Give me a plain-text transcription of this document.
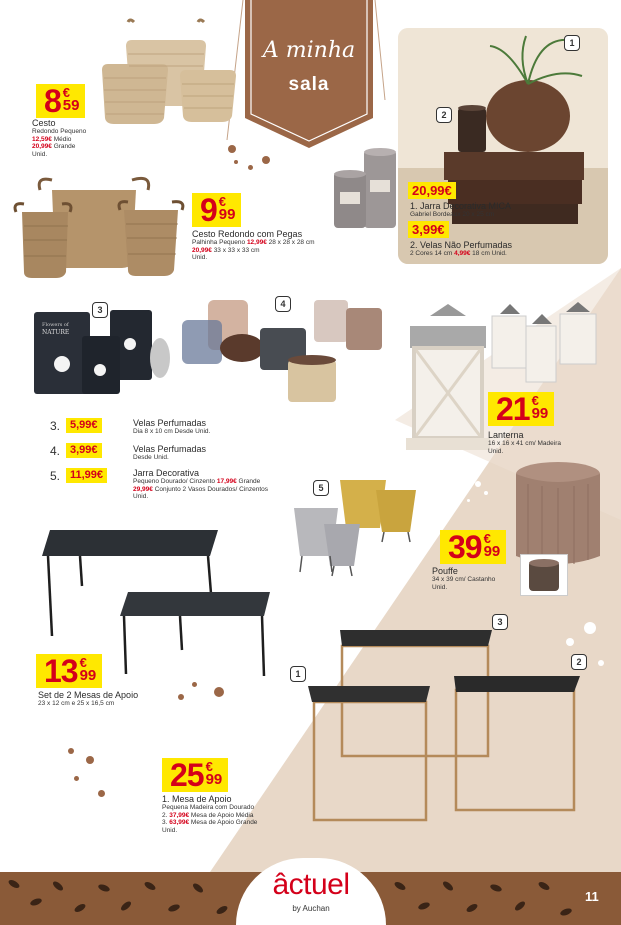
A minha
sala
8 €
59
Cesto
Redondo Pequeno
12,59€ Médio
20,99€ Grande
Unid.
9 €
99
Cesto Redondo com Pegas
Palhinha Pequeno 12,99€ 28 x 28 x 28 cm
20,99€ 33 x 33 x 33 cm
Unid.
1
2
20,99€
1. Jarra Decorativa MICA
Gabriel Bordeaux 20 x 25 cm
3,99€
2. Velas Não Perfumadas
2 Cores 14 cm 4,99€ 18 cm Unid.
3
Flowers of
NATURE
4
3. 5,99€	Velas Perfumadas
Dia 8 x 10 cm Desde Unid.
4. 3,99€	Velas Perfumadas
Desde Unid.
5. 11,99€	Jarra Decorativa
Pequeno Dourado/ Cinzento 17,99€ Grande
29,99€ Conjunto 2 Vasos Dourados/ Cinzentos
Unid.
5
21 €
99
Lanterna
16 x 16 x 41 cm/ Madeira
Unid.
39 €
99
Pouffe
34 x 39 cm/ Castanho
Unid.
13 €
99
Set de 2 Mesas de Apoio
23 x 12 cm e 25 x 16,5 cm
3
2
1
25 €
99
1. Mesa de Apoio
Pequena Madeira com Dourado
2. 37,99€ Mesa de Apoio Média
3. 63,99€ Mesa de Apoio Grande
Unid.
âctuel
by Auchan
11
